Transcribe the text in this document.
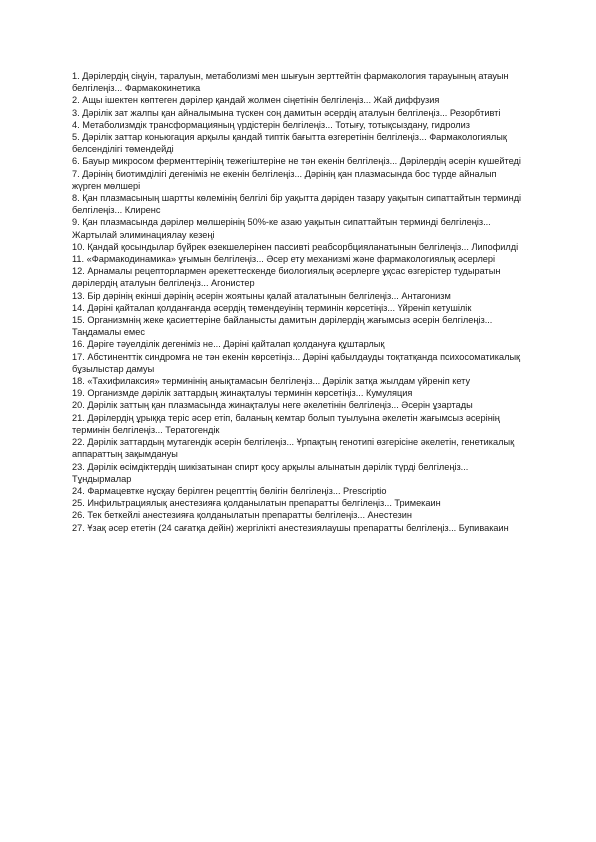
1. Дәрілердің сіңуін, таралуын, метаболизмі мен шығуын зерттейтін фармакология тарауының атауын белгілеңіз... Фармакокинетика
2. Ащы ішектен көптеген дәрілер қандай жолмен сіңетінін белгілеңіз... Жай диффузия
3. Дәрілік зат жалпы қан айналымына түскен соң дамитын әсердің аталуын белгілеңіз... Резорбтивті
4. Метаболизмдік трансформацияның үрдістерін белгілеңіз... Тотығу, тотықсыздану, гидролиз
5. Дәрілік заттар коньюгация арқылы қандай типтік бағытта өзгеретінін белгілеңіз... Фармакологиялық белсенділігі төмендейді
6. Бауыр микросом ферменттерінің тежегіштеріне не тән екенін белгілеңіз... Дәрілердің әсерін күшейтеді
7. Дәрінің биотимділігі дегеніміз не екенін белгілеңіз... Дәрінің қан плазмасында бос түрде айналып жүрген мөлшері
8. Қан плазмасының шартты көлемінің белгілі бір уақытта дәріден тазару уақытын сипаттайтын терминді белгілеңіз... Клиренс
9. Қан плазмасында дәрілер мөлшерінің 50%-ке азаю уақытын сипаттайтын терминді белгілеңіз... Жартылай элиминациялау кезеңі
10. Қандай қосындылар бүйрек өзекшелерінен пассивті реабсорбцияланатынын белгілеңіз... Липофилді
11. «Фармакодинамика» ұғымын белгілеңіз... Әсер ету механизмі және фармакологиялық әсерлері
12. Арнамалы рецепторлармен әрекеттескенде биологиялық әсерлерге ұқсас өзгерістер тудыратын дәрілердің аталуын белгілеңіз... Агонистер
13. Бір дәрінің екінші дәрінің әсерін жоятыны қалай аталатынын белгілеңіз... Антагонизм
14. Дәріні қайталап қолданғанда әсердің төмендеуінің терминін көрсетіңіз... Үйреніп кетушілік
15. Организмнің жеке қасиеттеріне байланысты дамитын дәрілердің жағымсыз әсерін белгілеңіз... Таңдамалы емес
16. Дәріге тәуелділік дегеніміз не... Дәріні қайталап қолдануға құштарлық
17. Абстиненттік синдромға не тән екенін көрсетіңіз... Дәріні қабылдауды тоқтатқанда психосоматикалық бұзылыстар дамуы
18. «Тахифилаксия» терминінің анықтамасын белгілеңіз... Дәрілік затқа жылдам үйреніп кету
19. Организмде дәрілік заттардың жинақталуы терминін көрсетіңіз... Кумуляция
20. Дәрілік заттың қан плазмасында жинақталуы неге әкелетінін белгілеңіз... Әсерін ұзартады
21. Дәрілердің ұрыққа теріс әсер етіп, баланың кемтар болып туылуына әкелетін жағымсыз әсерінің терминін белгілеңіз... Тератогендік
22. Дәрілік заттардың мутагендік әсерін белгілеңіз... Ұрпақтың генотипі өзгерісіне әкелетін, генетикалық аппараттың зақымдануы
23. Дәрілік өсімдіктердің шикізатынан спирт қосу арқылы алынатын дәрілік түрді белгілеңіз... Тұндырмалар
24. Фармацевтке нұсқау берілген рецепттің бөлігін белгілеңіз... Prescriptio
25. Инфильтрациялық анестезияға қолданылатын препаратты белгілеңіз... Тримекаин
26. Тек беткейлі анестезияға қолданылатын препаратты белгілеңіз... Анестезин
27. Ұзақ әсер ететін (24 сағатқа дейін) жергілікті анестезиялаушы препаратты белгілеңіз... Бупивакаин
